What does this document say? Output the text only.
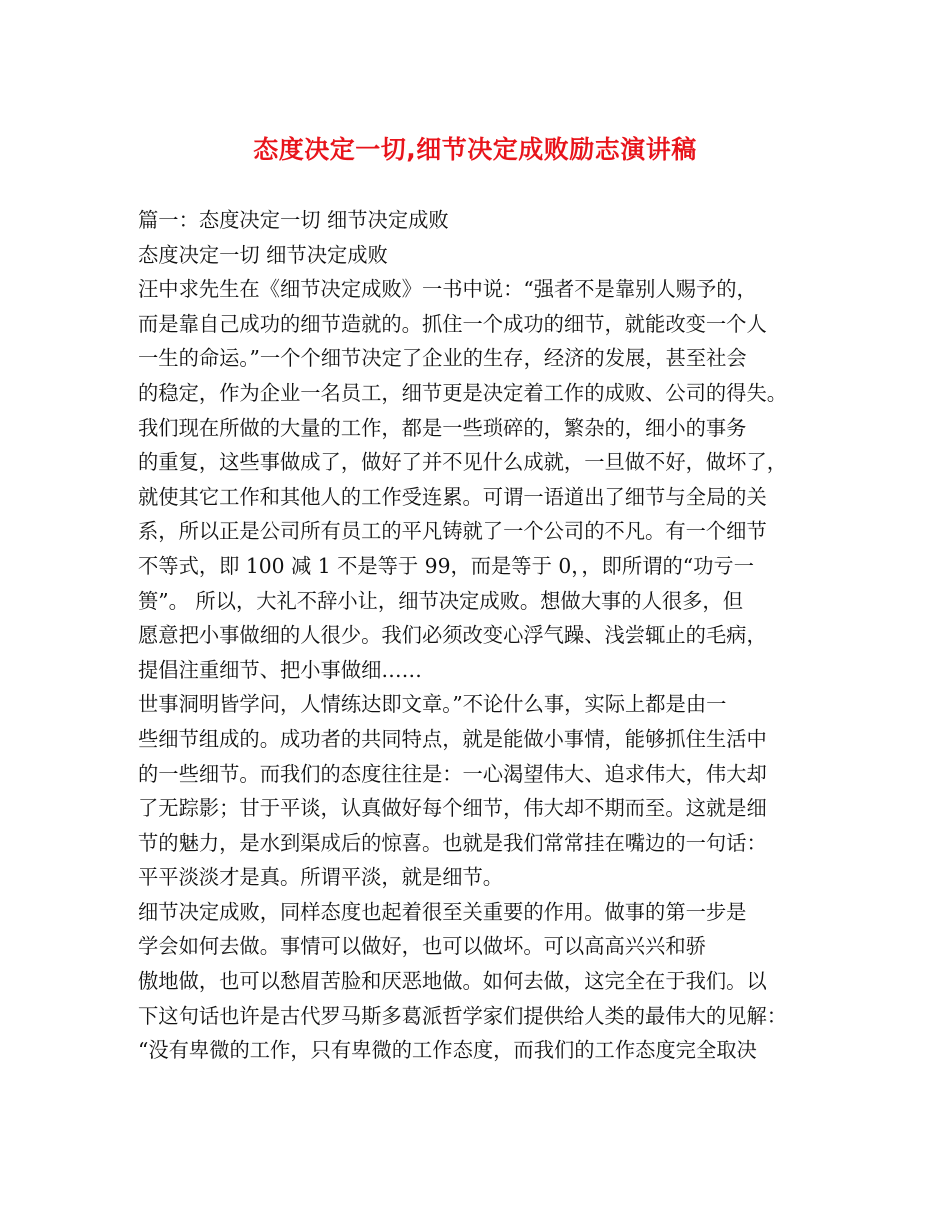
态度决定一切,细节决定成败励志演讲稿
篇一：态度决定一切 细节决定成败
态度决定一切 细节决定成败
汪中求先生在《细节决定成败》一书中说：“强者不是靠别人赐予的，
而是靠自己成功的细节造就的。抓住一个成功的细节，就能改变一个人
一生的命运。”一个个细节决定了企业的生存，经济的发展，甚至社会
的稳定，作为企业一名员工，细节更是决定着工作的成败、公司的得失。
我们现在所做的大量的工作，都是一些琐碎的，繁杂的，细小的事务
的重复，这些事做成了，做好了并不见什么成就，一旦做不好，做坏了，
就使其它工作和其他人的工作受连累。可谓一语道出了细节与全局的关
系，所以正是公司所有员工的平凡铸就了一个公司的不凡。有一个细节
不等式，即 100 减 1 不是等于 99，而是等于 0，，即所谓的“功亏一
篑”。 所以，大礼不辞小让，细节决定成败。想做大事的人很多，但
愿意把小事做细的人很少。我们必须改变心浮气躁、浅尝辄止的毛病，
提倡注重细节、把小事做细……
世事洞明皆学问，人情练达即文章。”不论什么事，实际上都是由一
些细节组成的。成功者的共同特点，就是能做小事情，能够抓住生活中
的一些细节。而我们的态度往往是：一心渴望伟大、追求伟大，伟大却
了无踪影；甘于平谈，认真做好每个细节，伟大却不期而至。这就是细
节的魅力，是水到渠成后的惊喜。也就是我们常常挂在嘴边的一句话：
平平淡淡才是真。所谓平淡，就是细节。
细节决定成败，同样态度也起着很至关重要的作用。做事的第一步是
学会如何去做。事情可以做好，也可以做坏。可以高高兴兴和骄
傲地做，也可以愁眉苦脸和厌恶地做。如何去做，这完全在于我们。以
下这句话也许是古代罗马斯多葛派哲学家们提供给人类的最伟大的见解：
“没有卑微的工作，只有卑微的工作态度，而我们的工作态度完全取决
